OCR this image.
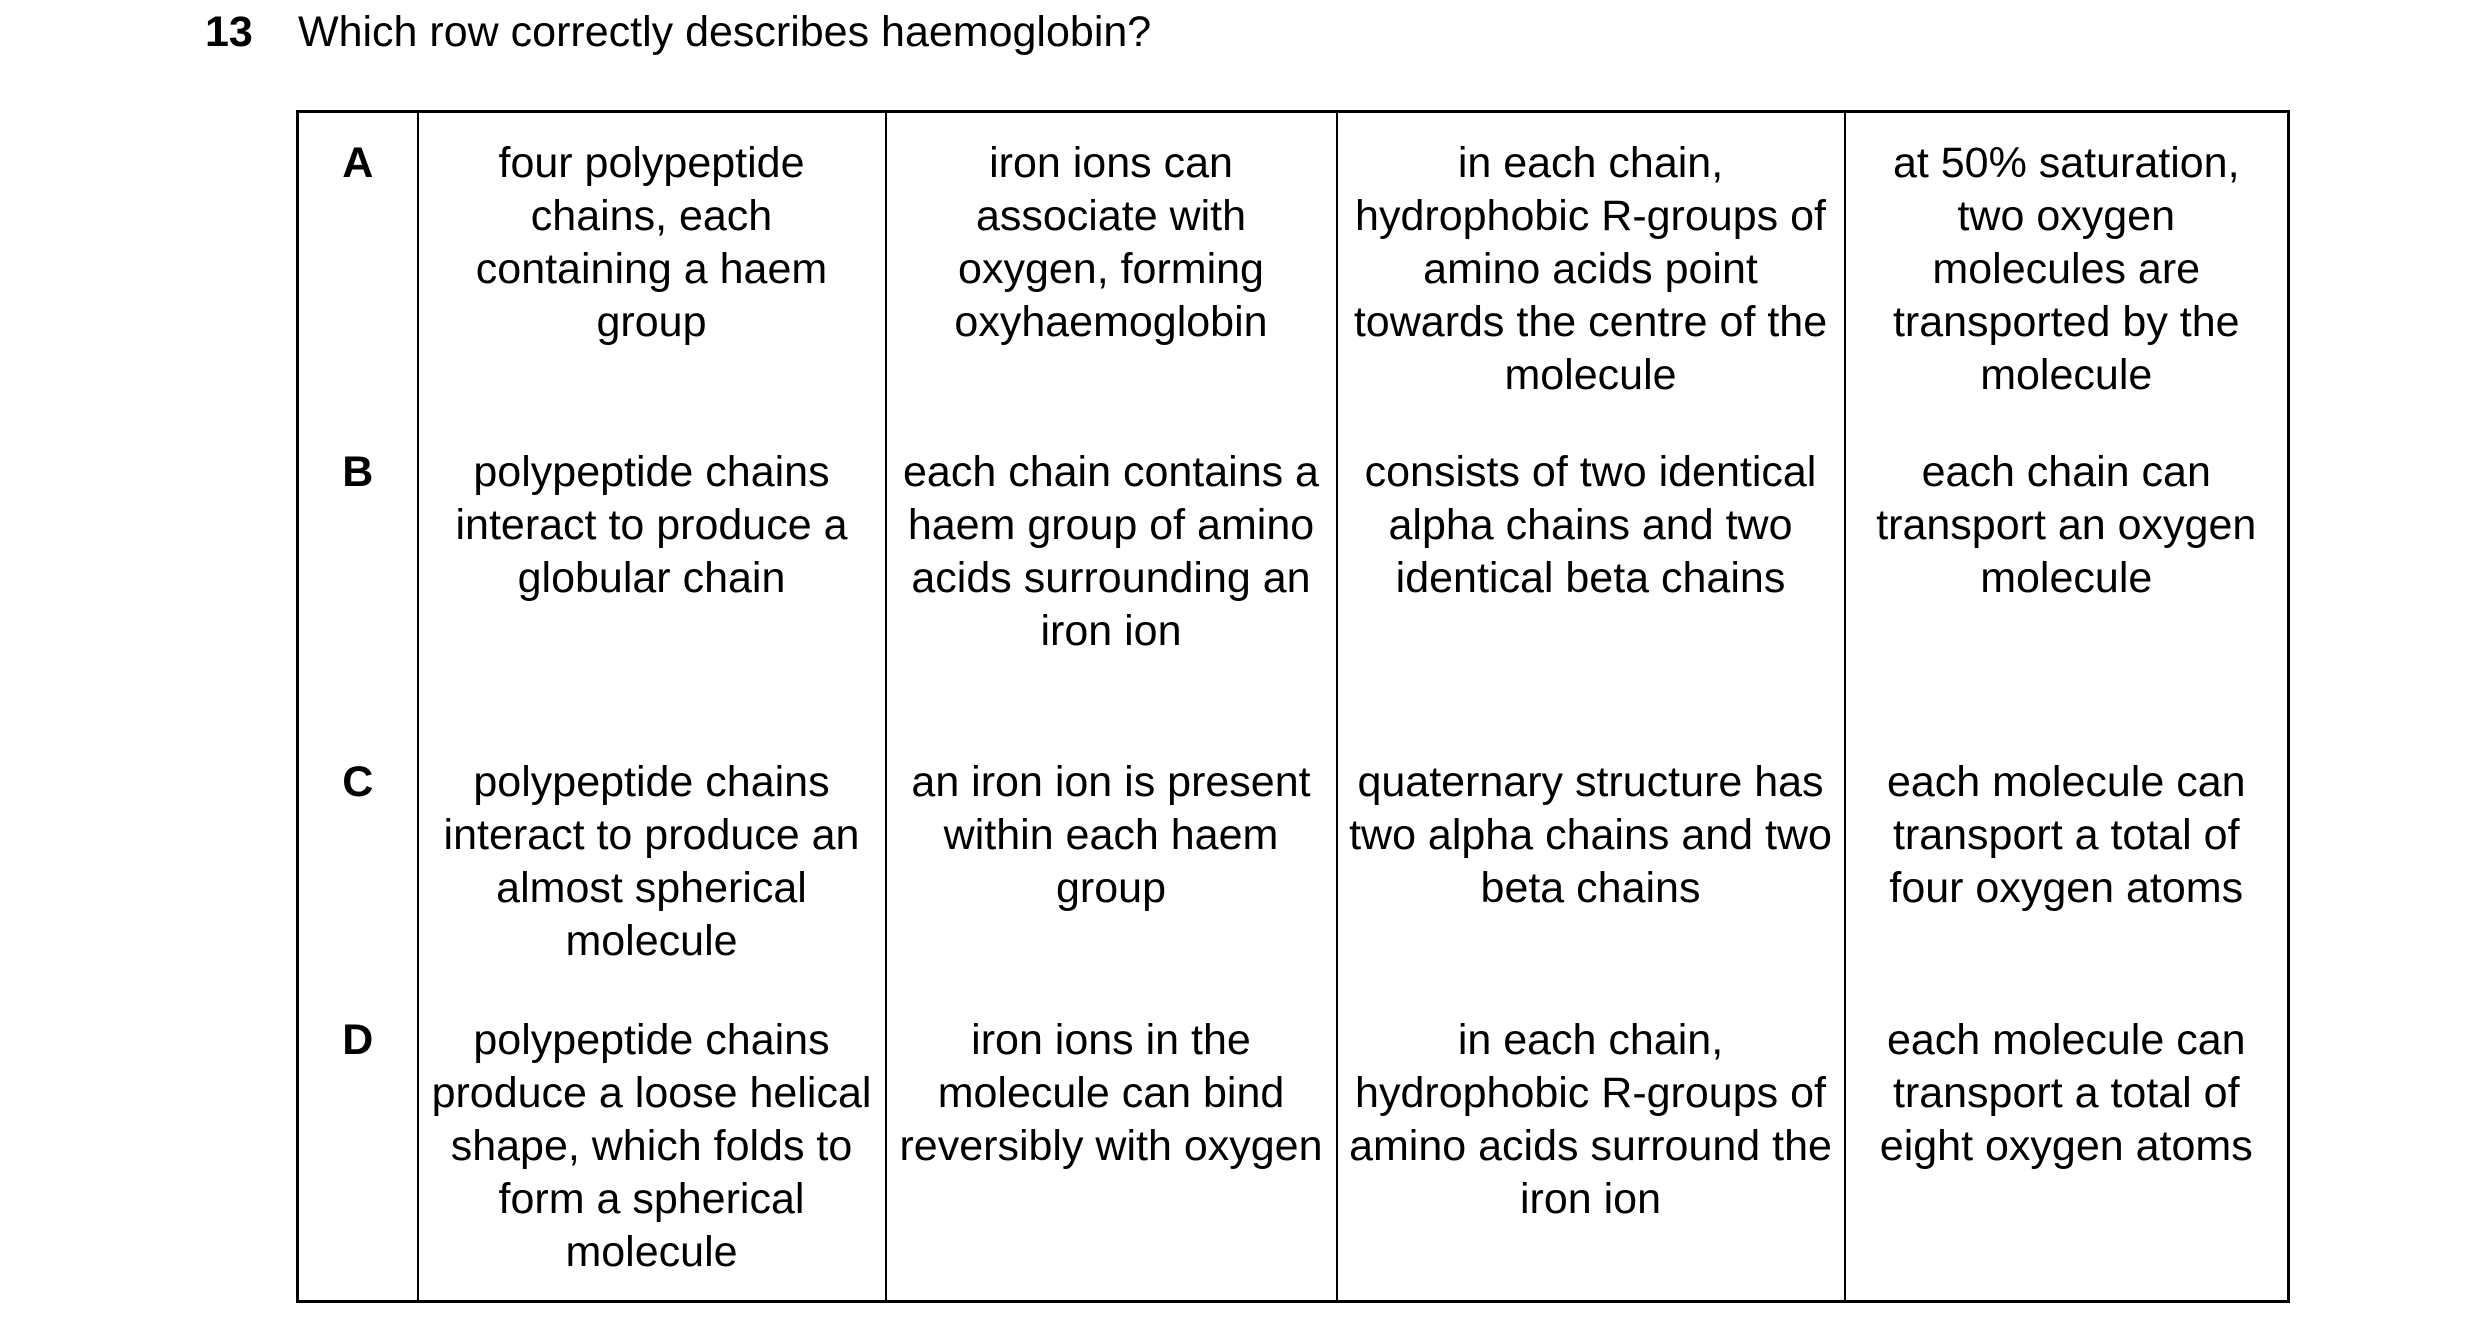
13	Which row correctly describes haemoglobin?
A	four polypeptide chains, each containing a haem group	iron ions can associate with oxygen, forming oxyhaemoglobin	in each chain, hydrophobic R-groups of amino acids point towards the centre of the molecule	at 50% saturation, two oxygen molecules are transported by the molecule
B	polypeptide chains interact to produce a globular chain	each chain contains a haem group of amino acids surrounding an iron ion	consists of two identical alpha chains and two identical beta chains	each chain can transport an oxygen molecule
C	polypeptide chains interact to produce an almost spherical molecule	an iron ion is present within each haem group	quaternary structure has two alpha chains and two beta chains	each molecule can transport a total of four oxygen atoms
D	polypeptide chains produce a loose helical shape, which folds to form a spherical molecule	iron ions in the molecule can bind reversibly with oxygen	in each chain, hydrophobic R-groups of amino acids surround the iron ion	each molecule can transport a total of eight oxygen atoms
